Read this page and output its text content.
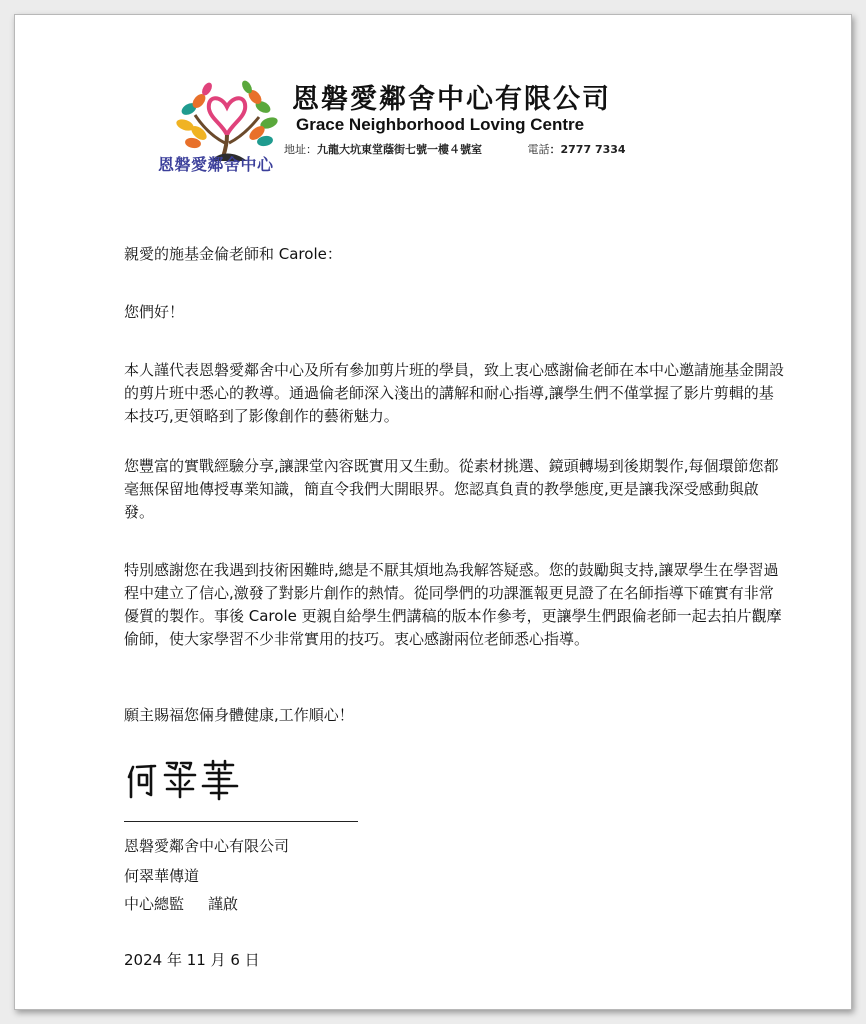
恩磐愛鄰舍中心
恩磐愛鄰舍中心有限公司
Grace Neighborhood Loving Centre
地址：九龍大坑東堂蔭街七號一樓４號室	電話：2777 7334
親愛的施基金倫老師和 Carole：
您們好！
本人謹代表恩磐愛鄰舍中心及所有參加剪片班的學員，致上衷心感謝倫老師在本中心邀請施基金開設的剪片班中悉心的教導。通過倫老師深入淺出的講解和耐心指導,讓學生們不僅掌握了影片剪輯的基本技巧,更領略到了影像創作的藝術魅力。
您豐富的實戰經驗分享,讓課堂內容既實用又生動。從素材挑選、鏡頭轉場到後期製作,每個環節您都毫無保留地傳授專業知識，簡直令我們大開眼界。您認真負責的教學態度,更是讓我深受感動與啟發。
特別感謝您在我遇到技術困難時,總是不厭其煩地為我解答疑惑。您的鼓勵與支持,讓眾學生在學習過程中建立了信心,激發了對影片創作的熱情。從同學們的功課滙報更見證了在名師指導下確實有非常優質的製作。事後 Carole 更親自給學生們講稿的版本作參考，更讓學生們跟倫老師一起去拍片觀摩偷師，使大家學習不少非常實用的技巧。衷心感謝兩位老師悉心指導。
願主賜福您倆身體健康,工作順心！
恩磐愛鄰舍中心有限公司
何翠華傳道
中心總監 謹啟
2024 年 11 月 6 日
